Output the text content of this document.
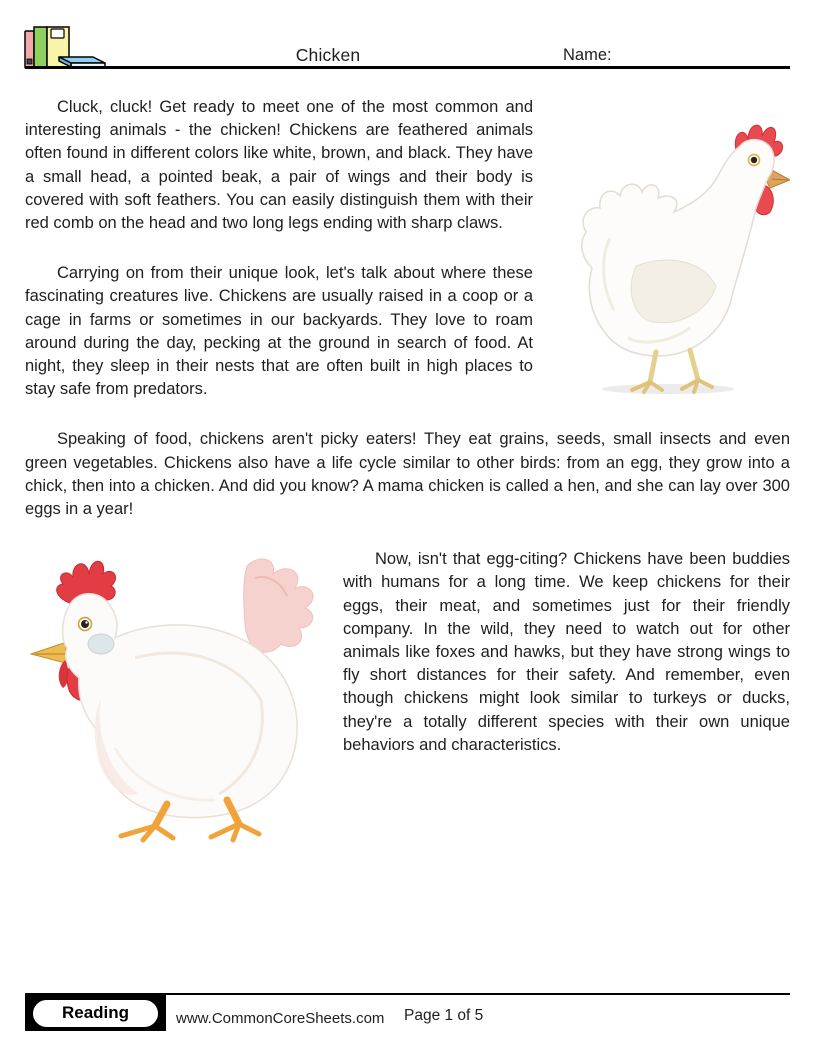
Chicken	Name:

Cluck, cluck! Get ready to meet one of the most common and interesting animals - the chicken! Chickens are feathered animals often found in different colors like white, brown, and black. They have a small head, a pointed beak, a pair of wings and their body is covered with soft feathers. You can easily distinguish them with their red comb on the head and two long legs ending with sharp claws.

Carrying on from their unique look, let's talk about where these fascinating creatures live. Chickens are usually raised in a coop or a cage in farms or sometimes in our backyards. They love to roam around during the day, pecking at the ground in search of food. At night, they sleep in their nests that are often built in high places to stay safe from predators.

Speaking of food, chickens aren't picky eaters! They eat grains, seeds, small insects and even green vegetables. Chickens also have a life cycle similar to other birds: from an egg, they grow into a chick, then into a chicken. And did you know? A mama chicken is called a hen, and she can lay over 300 eggs in a year!

Now, isn't that egg-citing? Chickens have been buddies with humans for a long time. We keep chickens for their eggs, their meat, and sometimes just for their friendly company. In the wild, they need to watch out for other animals like foxes and hawks, but they have strong wings to fly short distances for their safety. And remember, even though chickens might look similar to turkeys or ducks, they're a totally different species with their own unique behaviors and characteristics.

Reading	www.CommonCoreSheets.com Page 1 of 5
